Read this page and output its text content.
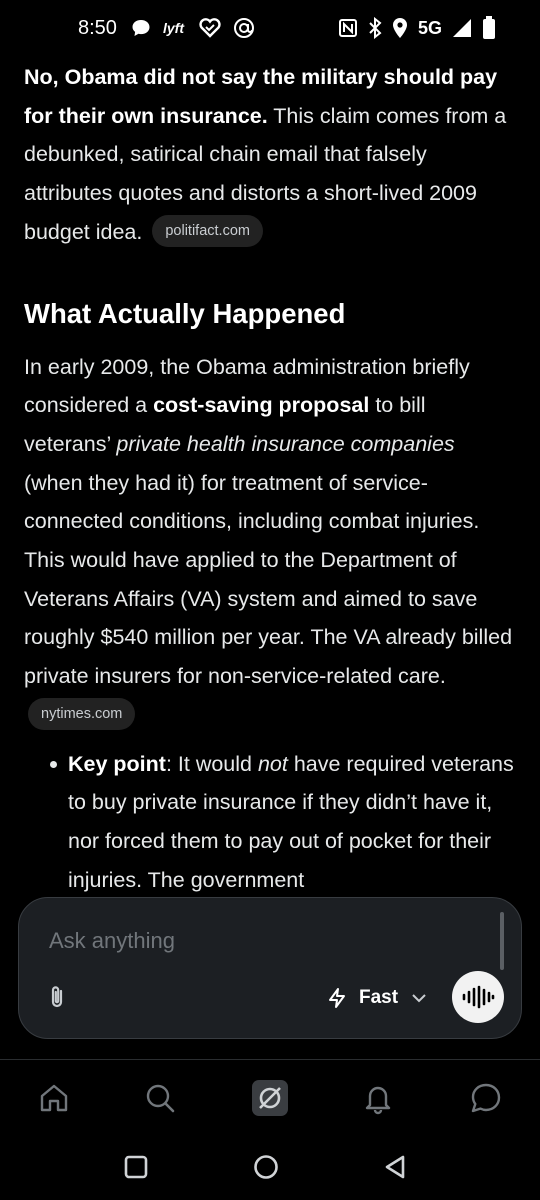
8:50	lyft	5G

No, Obama did not say the military should pay for their own insurance. This claim comes from a debunked, satirical chain email that falsely attributes quotes and distorts a short-lived 2009 budget idea. politifact.com

What Actually Happened

In early 2009, the Obama administration briefly considered a cost-saving proposal to bill veterans’ private health insurance companies (when they had it) for treatment of service-connected conditions, including combat injuries. This would have applied to the Department of Veterans Affairs (VA) system and aimed to save roughly $540 million per year. The VA already billed private insurers for non-service-related care. nytimes.com

Key point: It would not have required veterans to buy private insurance if they didn’t have it, nor forced them to pay out of pocket for their injuries. The government
Ask anything
Fast
